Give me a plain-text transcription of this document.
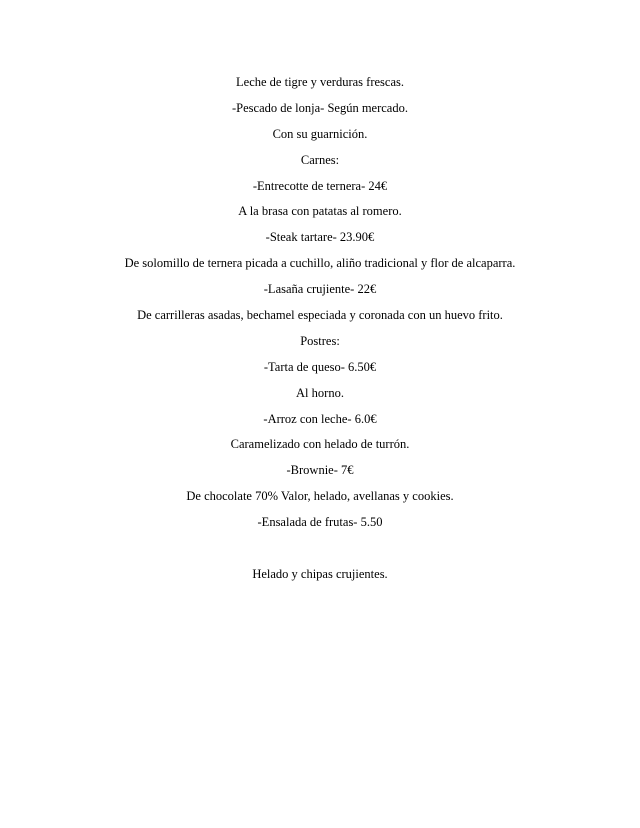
Leche de tigre y verduras frescas.
-Pescado de lonja- Según mercado.
Con su guarnición.
Carnes:
-Entrecotte de ternera- 24€
A la brasa con patatas al romero.
-Steak tartare- 23.90€
De solomillo de ternera picada a cuchillo, aliño tradicional y flor de alcaparra.
-Lasaña crujiente- 22€
De carrilleras asadas, bechamel especiada y coronada con un huevo frito.
Postres:
-Tarta de queso- 6.50€
Al horno.
-Arroz con leche- 6.0€
Caramelizado con helado de turrón.
-Brownie- 7€
De chocolate 70% Valor, helado, avellanas y cookies.
-Ensalada de frutas- 5.50
Helado y chipas crujientes.
